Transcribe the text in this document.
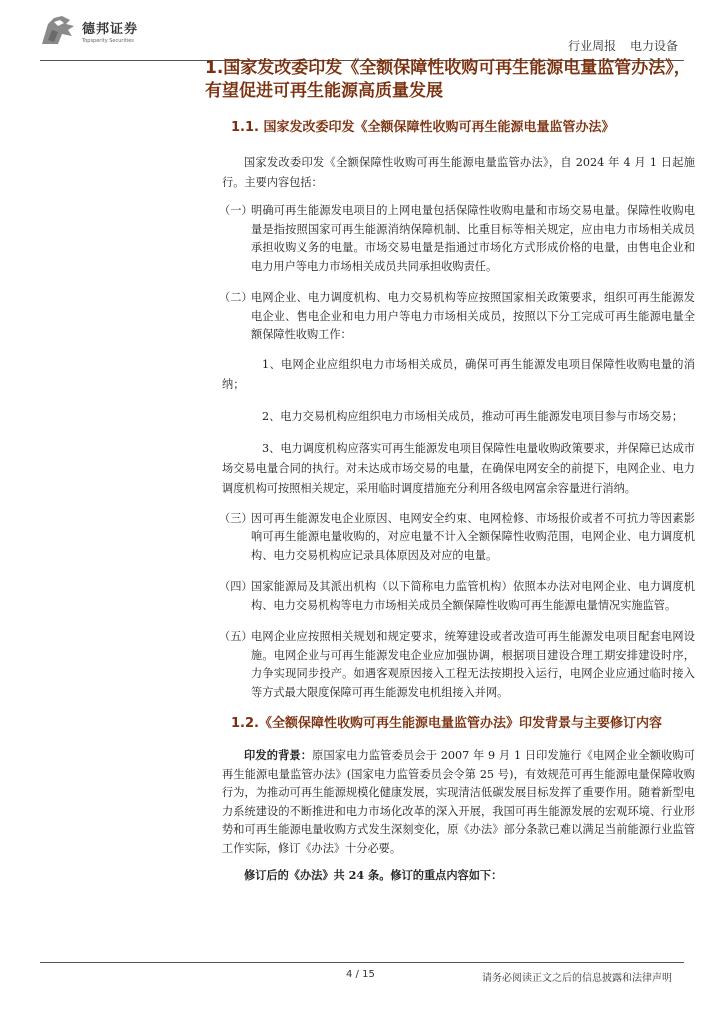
德邦证券
Topsperity Securities	行业周报 电力设备
1.国家发改委印发《全额保障性收购可再生能源电量监管办法》，有望促进可再生能源高质量发展
1.1. 国家发改委印发《全额保障性收购可再生能源电量监管办法》

国家发改委印发《全额保障性收购可再生能源电量监管办法》，自 2024 年 4 月 1 日起施行。主要内容包括：

（一）
明确可再生能源发电项目的上网电量包括保障性收购电量和市场交易电量。保障性收购电量是指按照国家可再生能源消纳保障机制、比重目标等相关规定，应由电力市场相关成员承担收购义务的电量。市场交易电量是指通过市场化方式形成价格的电量，由售电企业和电力用户等电力市场相关成员共同承担收购责任。
（二）
电网企业、电力调度机构、电力交易机构等应按照国家相关政策要求，组织可再生能源发电企业、售电企业和电力用户等电力市场相关成员，按照以下分工完成可再生能源电量全额保障性收购工作：

1、电网企业应组织电力市场相关成员，确保可再生能源发电项目保障性收购电量的消纳；

2、电力交易机构应组织电力市场相关成员，推动可再生能源发电项目参与市场交易；

3、电力调度机构应落实可再生能源发电项目保障性电量收购政策要求，并保障已达成市场交易电量合同的执行。对未达成市场交易的电量，在确保电网安全的前提下，电网企业、电力调度机构可按照相关规定，采用临时调度措施充分利用各级电网富余容量进行消纳。

（三）
因可再生能源发电企业原因、电网安全约束、电网检修、市场报价或者不可抗力等因素影响可再生能源电量收购的，对应电量不计入全额保障性收购范围，电网企业、电力调度机构、电力交易机构应记录具体原因及对应的电量。
（四）
国家能源局及其派出机构（以下简称电力监管机构）依照本办法对电网企业、电力调度机构、电力交易机构等电力市场相关成员全额保障性收购可再生能源电量情况实施监管。
（五）
电网企业应按照相关规划和规定要求，统筹建设或者改造可再生能源发电项目配套电网设施。电网企业与可再生能源发电企业应加强协调，根据项目建设合理工期安排建设时序，力争实现同步投产。如遇客观原因接入工程无法按期投入运行，电网企业应通过临时接入等方式最大限度保障可再生能源发电机组接入并网。
1.2.《全额保障性收购可再生能源电量监管办法》印发背景与主要修订内容

印发的背景：原国家电力监管委员会于 2007 年 9 月 1 日印发施行《电网企业全额收购可再生能源电量监管办法》(国家电力监管委员会令第 25 号)，有效规范可再生能源电量保障收购行为，为推动可再生能源规模化健康发展，实现清洁低碳发展目标发挥了重要作用。随着新型电力系统建设的不断推进和电力市场化改革的深入开展，我国可再生能源发展的宏观环境、行业形势和可再生能源电量收购方式发生深刻变化，原《办法》部分条款已难以满足当前能源行业监管工作实际，修订《办法》十分必要。

修订后的《办法》共 24 条。修订的重点内容如下：

4 / 15	请务必阅读正文之后的信息披露和法律声明
